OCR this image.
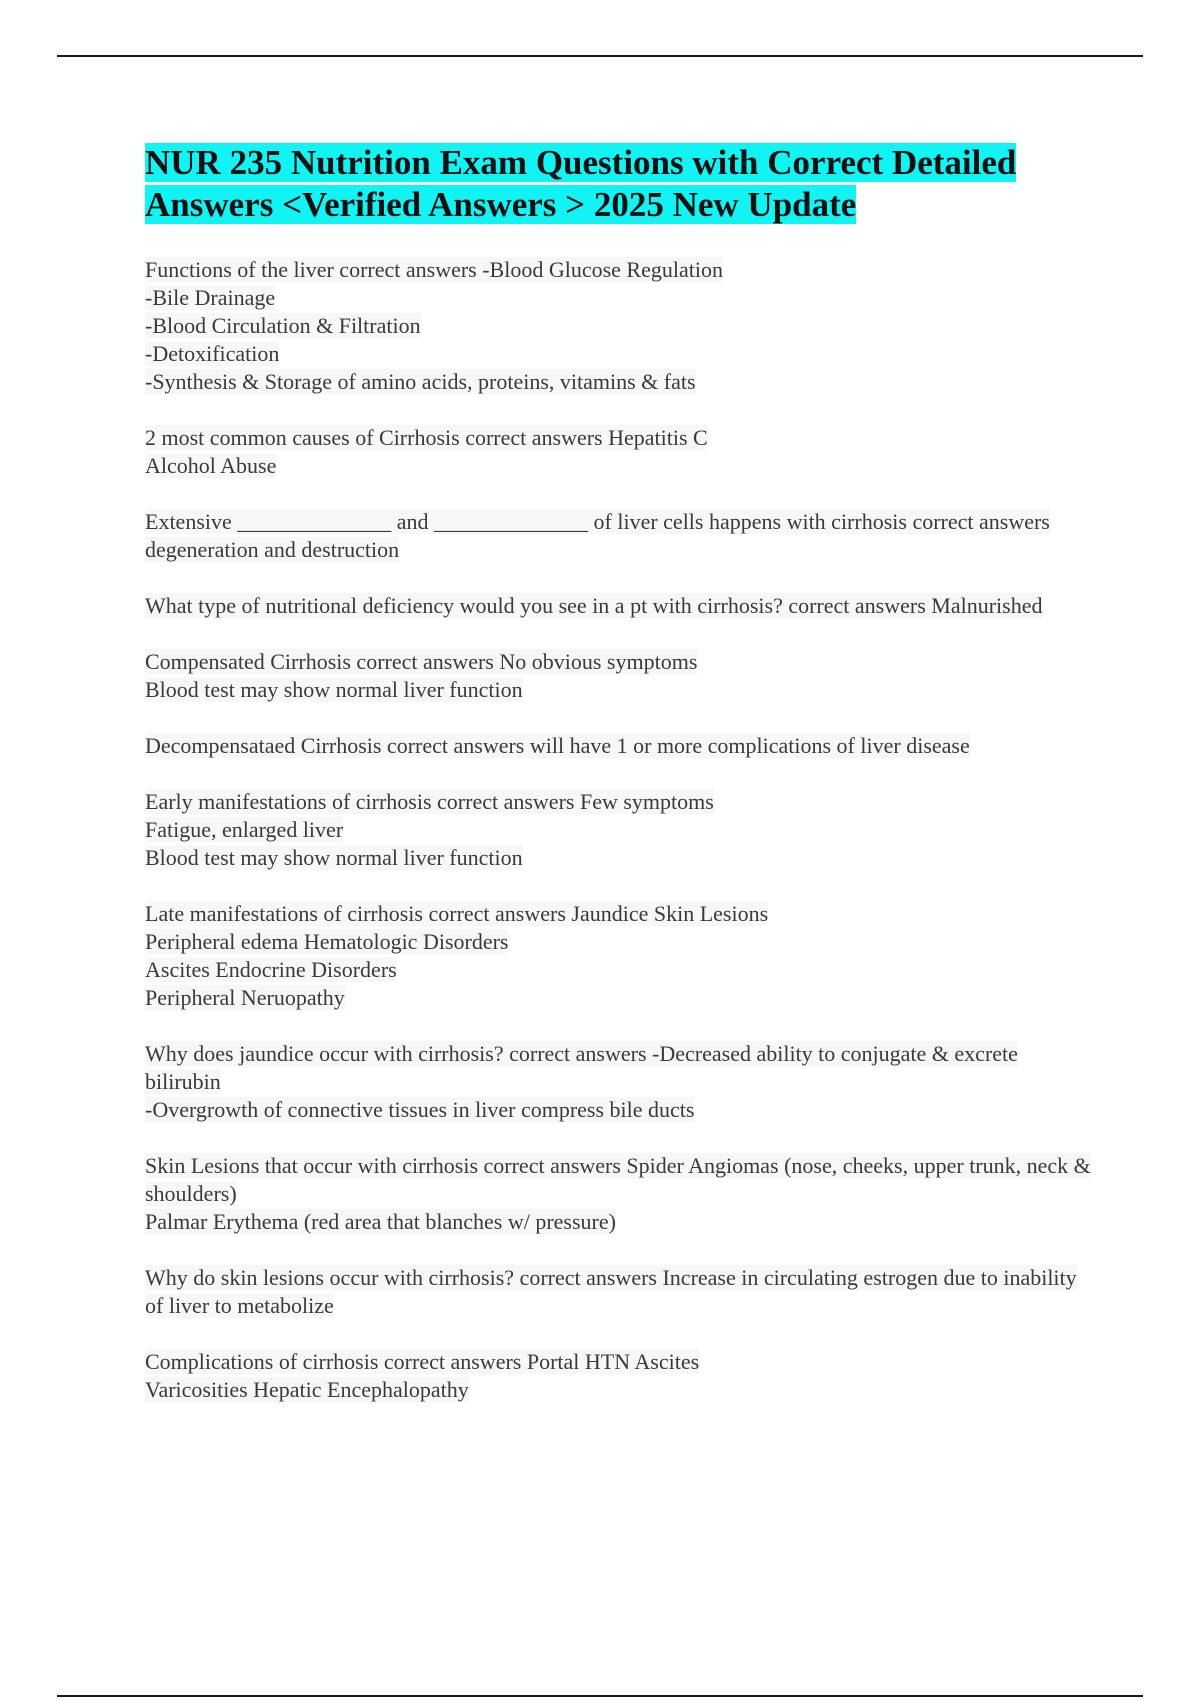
NUR 235 Nutrition Exam Questions with Correct Detailed Answers <Verified Answers > 2025 New Update
Functions of the liver correct answers -Blood Glucose Regulation
-Bile Drainage
-Blood Circulation & Filtration
-Detoxification
-Synthesis & Storage of amino acids, proteins, vitamins & fats
2 most common causes of Cirrhosis correct answers Hepatitis C
Alcohol Abuse
Extensive ______________ and ______________ of liver cells happens with cirrhosis correct answers degeneration and destruction
What type of nutritional deficiency would you see in a pt with cirrhosis? correct answers Malnurished
Compensated Cirrhosis correct answers No obvious symptoms
Blood test may show normal liver function
Decompensataed Cirrhosis correct answers will have 1 or more complications of liver disease
Early manifestations of cirrhosis correct answers Few symptoms
Fatigue, enlarged liver
Blood test may show normal liver function
Late manifestations of cirrhosis correct answers Jaundice Skin Lesions
Peripheral edema Hematologic Disorders
Ascites Endocrine Disorders
Peripheral Neruopathy
Why does jaundice occur with cirrhosis? correct answers -Decreased ability to conjugate & excrete bilirubin
-Overgrowth of connective tissues in liver compress bile ducts
Skin Lesions that occur with cirrhosis correct answers Spider Angiomas (nose, cheeks, upper trunk, neck & shoulders)
Palmar Erythema (red area that blanches w/ pressure)
Why do skin lesions occur with cirrhosis? correct answers Increase in circulating estrogen due to inability of liver to metabolize
Complications of cirrhosis correct answers Portal HTN Ascites
Varicosities Hepatic Encephalopathy
